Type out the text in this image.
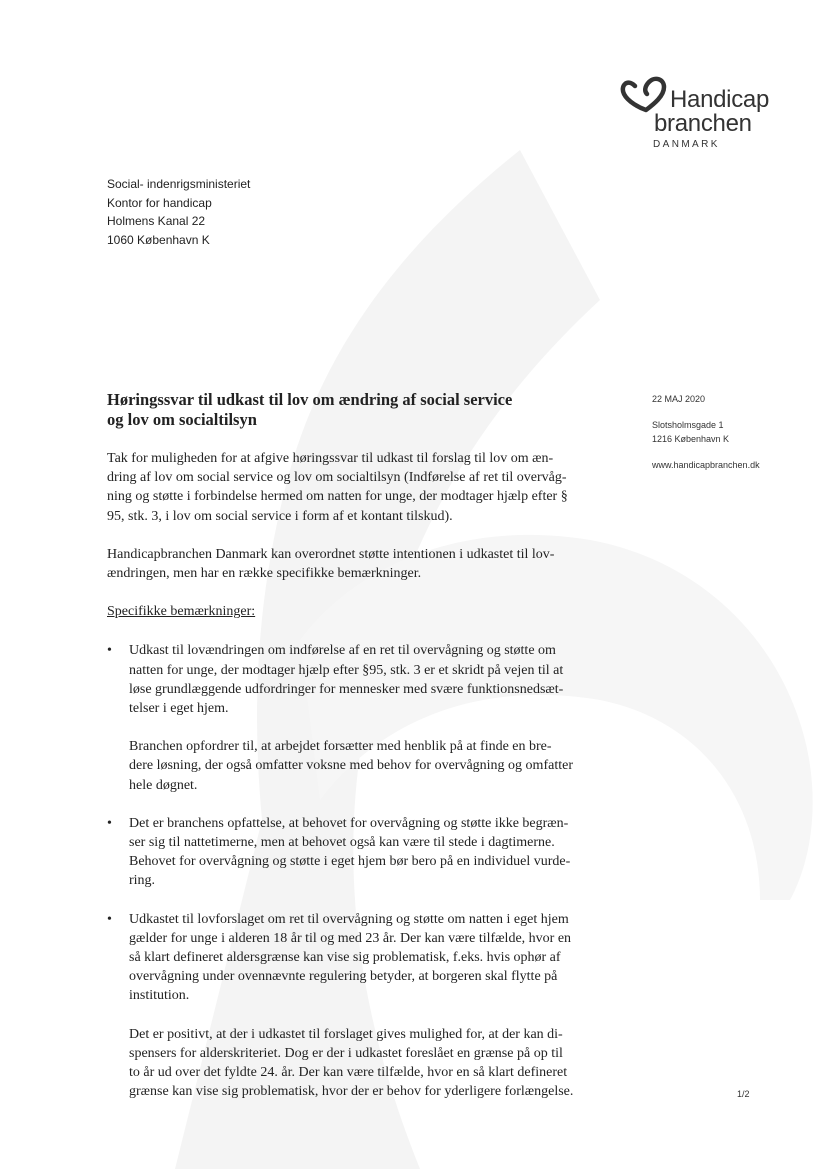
Handicap
branchen
DANMARK
Social- indenrigsministeriet
Kontor for handicap
Holmens Kanal 22
1060 København K
22 MAJ 2020
Slotsholmsgade 1
1216 København K
www.handicapbranchen.dk
Høringssvar til udkast til lov om ændring af social service
og lov om socialtilsyn
Tak for muligheden for at afgive høringssvar til udkast til forslag til lov om æn-
dring af lov om social service og lov om socialtilsyn (Indførelse af ret til overvåg-
ning og støtte i forbindelse hermed om natten for unge, der modtager hjælp efter §
95, stk. 3, i lov om social service i form af et kontant tilskud).
Handicapbranchen Danmark kan overordnet støtte intentionen i udkastet til lov-
ændringen, men har en række specifikke bemærkninger.
Specifikke bemærkninger:
• Udkast til lovændringen om indførelse af en ret til overvågning og støtte om
natten for unge, der modtager hjælp efter §95, stk. 3 er et skridt på vejen til at
løse grundlæggende udfordringer for mennesker med svære funktionsnedsæt-
telser i eget hjem.
Branchen opfordrer til, at arbejdet forsætter med henblik på at finde en bre-
dere løsning, der også omfatter voksne med behov for overvågning og omfatter
hele døgnet.
• Det er branchens opfattelse, at behovet for overvågning og støtte ikke begræn-
ser sig til nattetimerne, men at behovet også kan være til stede i dagtimerne.
Behovet for overvågning og støtte i eget hjem bør bero på en individuel vurde-
ring.
• Udkastet til lovforslaget om ret til overvågning og støtte om natten i eget hjem
gælder for unge i alderen 18 år til og med 23 år. Der kan være tilfælde, hvor en
så klart defineret aldersgrænse kan vise sig problematisk, f.eks. hvis ophør af
overvågning under ovennævnte regulering betyder, at borgeren skal flytte på
institution.
Det er positivt, at der i udkastet til forslaget gives mulighed for, at der kan di-
spensers for alderskriteriet. Dog er der i udkastet foreslået en grænse på op til
to år ud over det fyldte 24. år. Der kan være tilfælde, hvor en så klart defineret
grænse kan vise sig problematisk, hvor der er behov for yderligere forlængelse.	1/2
